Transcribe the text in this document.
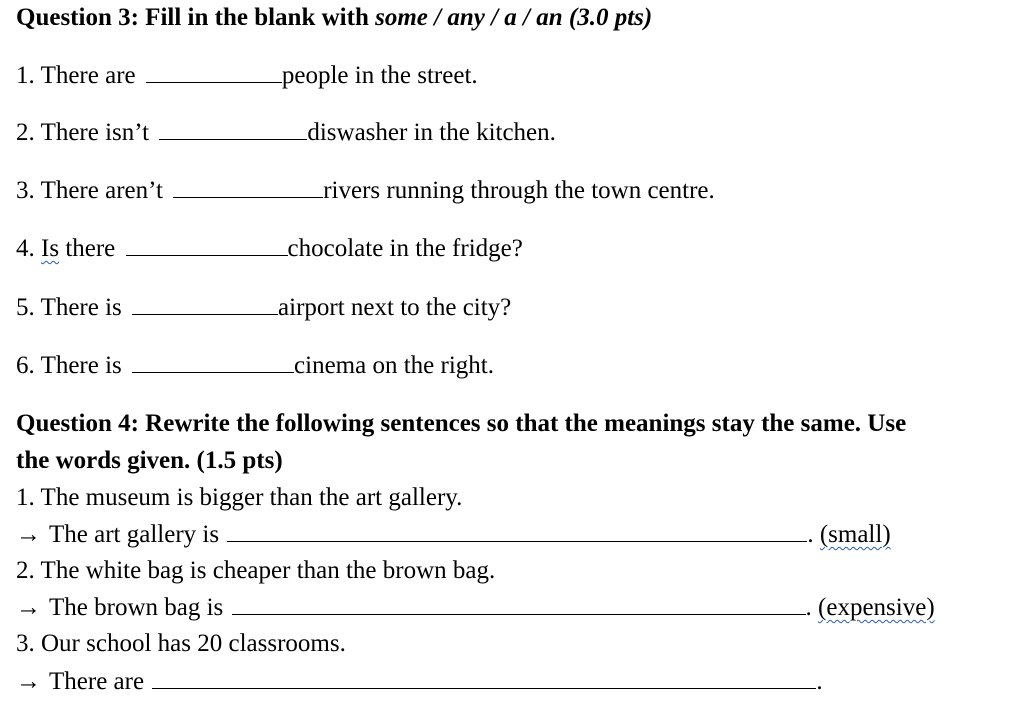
Question 3: Fill in the blank with some / any / a / an (3.0 pts)
1. There are	people in the street.
2. There isn’t	diswasher in the kitchen.
3. There aren’t	rivers running through the town centre.
4. Is there	chocolate in the fridge?
5. There is	airport next to the city?
6. There is	cinema on the right.
Question 4: Rewrite the following sentences so that the meanings stay the same. Use
the words given. (1.5 pts)
1. The museum is bigger than the art gallery.
→ The art gallery is	. (small)
2. The white bag is cheaper than the brown bag.
→ The brown bag is	. (expensive)
3. Our school has 20 classrooms.
→ There are	.
